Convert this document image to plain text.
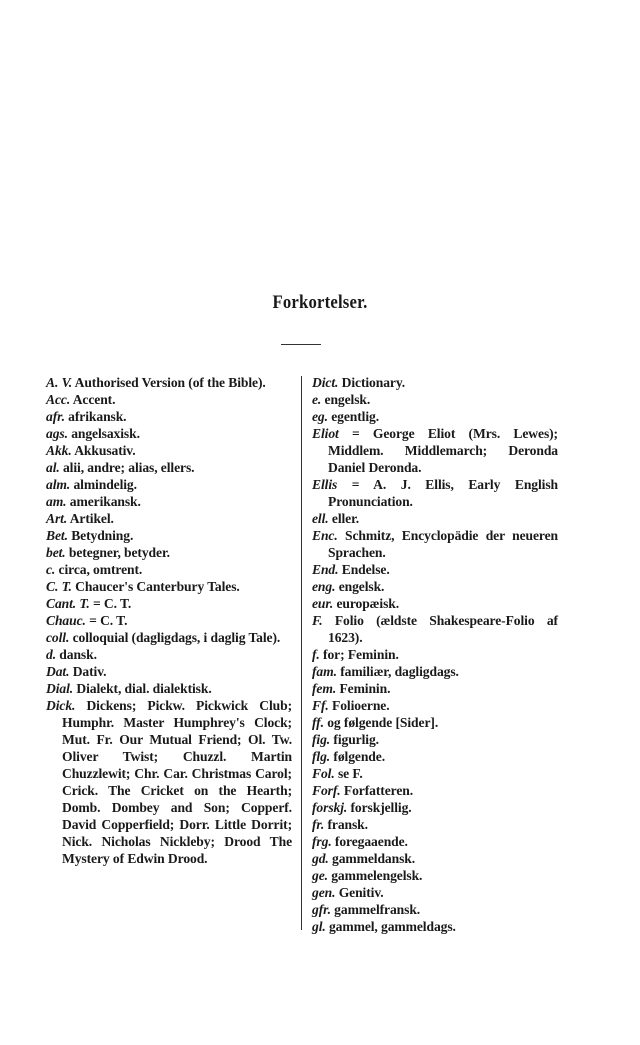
Forkortelser.

A. V. Authorised Version (of the Bible).

Acc. Accent.

afr. afrikansk.

ags. angelsaxisk.

Akk. Akkusativ.

al. alii, andre; alias, ellers.

alm. almindelig.

am. amerikansk.

Art. Artikel.

Bet. Betydning.

bet. betegner, betyder.

c. circa, omtrent.

C. T. Chaucer's Canterbury Tales.

Cant. T. = C. T.

Chauc. = C. T.

coll. colloquial (dagligdags, i daglig Tale).

d. dansk.

Dat. Dativ.

Dial. Dialekt, dial. dialektisk.

Dick. Dickens; Pickw. Pickwick Club; Humphr. Master Humphrey's Clock; Mut. Fr. Our Mutual Friend; Ol. Tw. Oliver Twist; Chuzzl. Martin Chuzzlewit; Chr. Car. Christmas Carol; Crick. The Cricket on the Hearth; Domb. Dombey and Son; Copperf. David Copperfield; Dorr. Little Dorrit; Nick. Nicholas Nickleby; Drood The Mystery of Edwin Drood.

Dict. Dictionary.

e. engelsk.

eg. egentlig.

Eliot = George Eliot (Mrs. Lewes); Middlem. Middlemarch; Deronda Daniel Deronda.

Ellis = A. J. Ellis, Early English Pronunciation.

ell. eller.

Enc. Schmitz, Encyclopädie der neueren Sprachen.

End. Endelse.

eng. engelsk.

eur. europæisk.

F. Folio (ældste Shakespeare-Folio af 1623).

f. for; Feminin.

fam. familiær, dagligdags.

fem. Feminin.

Ff. Folioerne.

ff. og følgende [Sider].

fig. figurlig.

flg. følgende.

Fol. se F.

Forf. Forfatteren.

forskj. forskjellig.

fr. fransk.

frg. foregaaende.

gd. gammeldansk.

ge. gammelengelsk.

gen. Genitiv.

gfr. gammelfransk.

gl. gammel, gammeldags.
